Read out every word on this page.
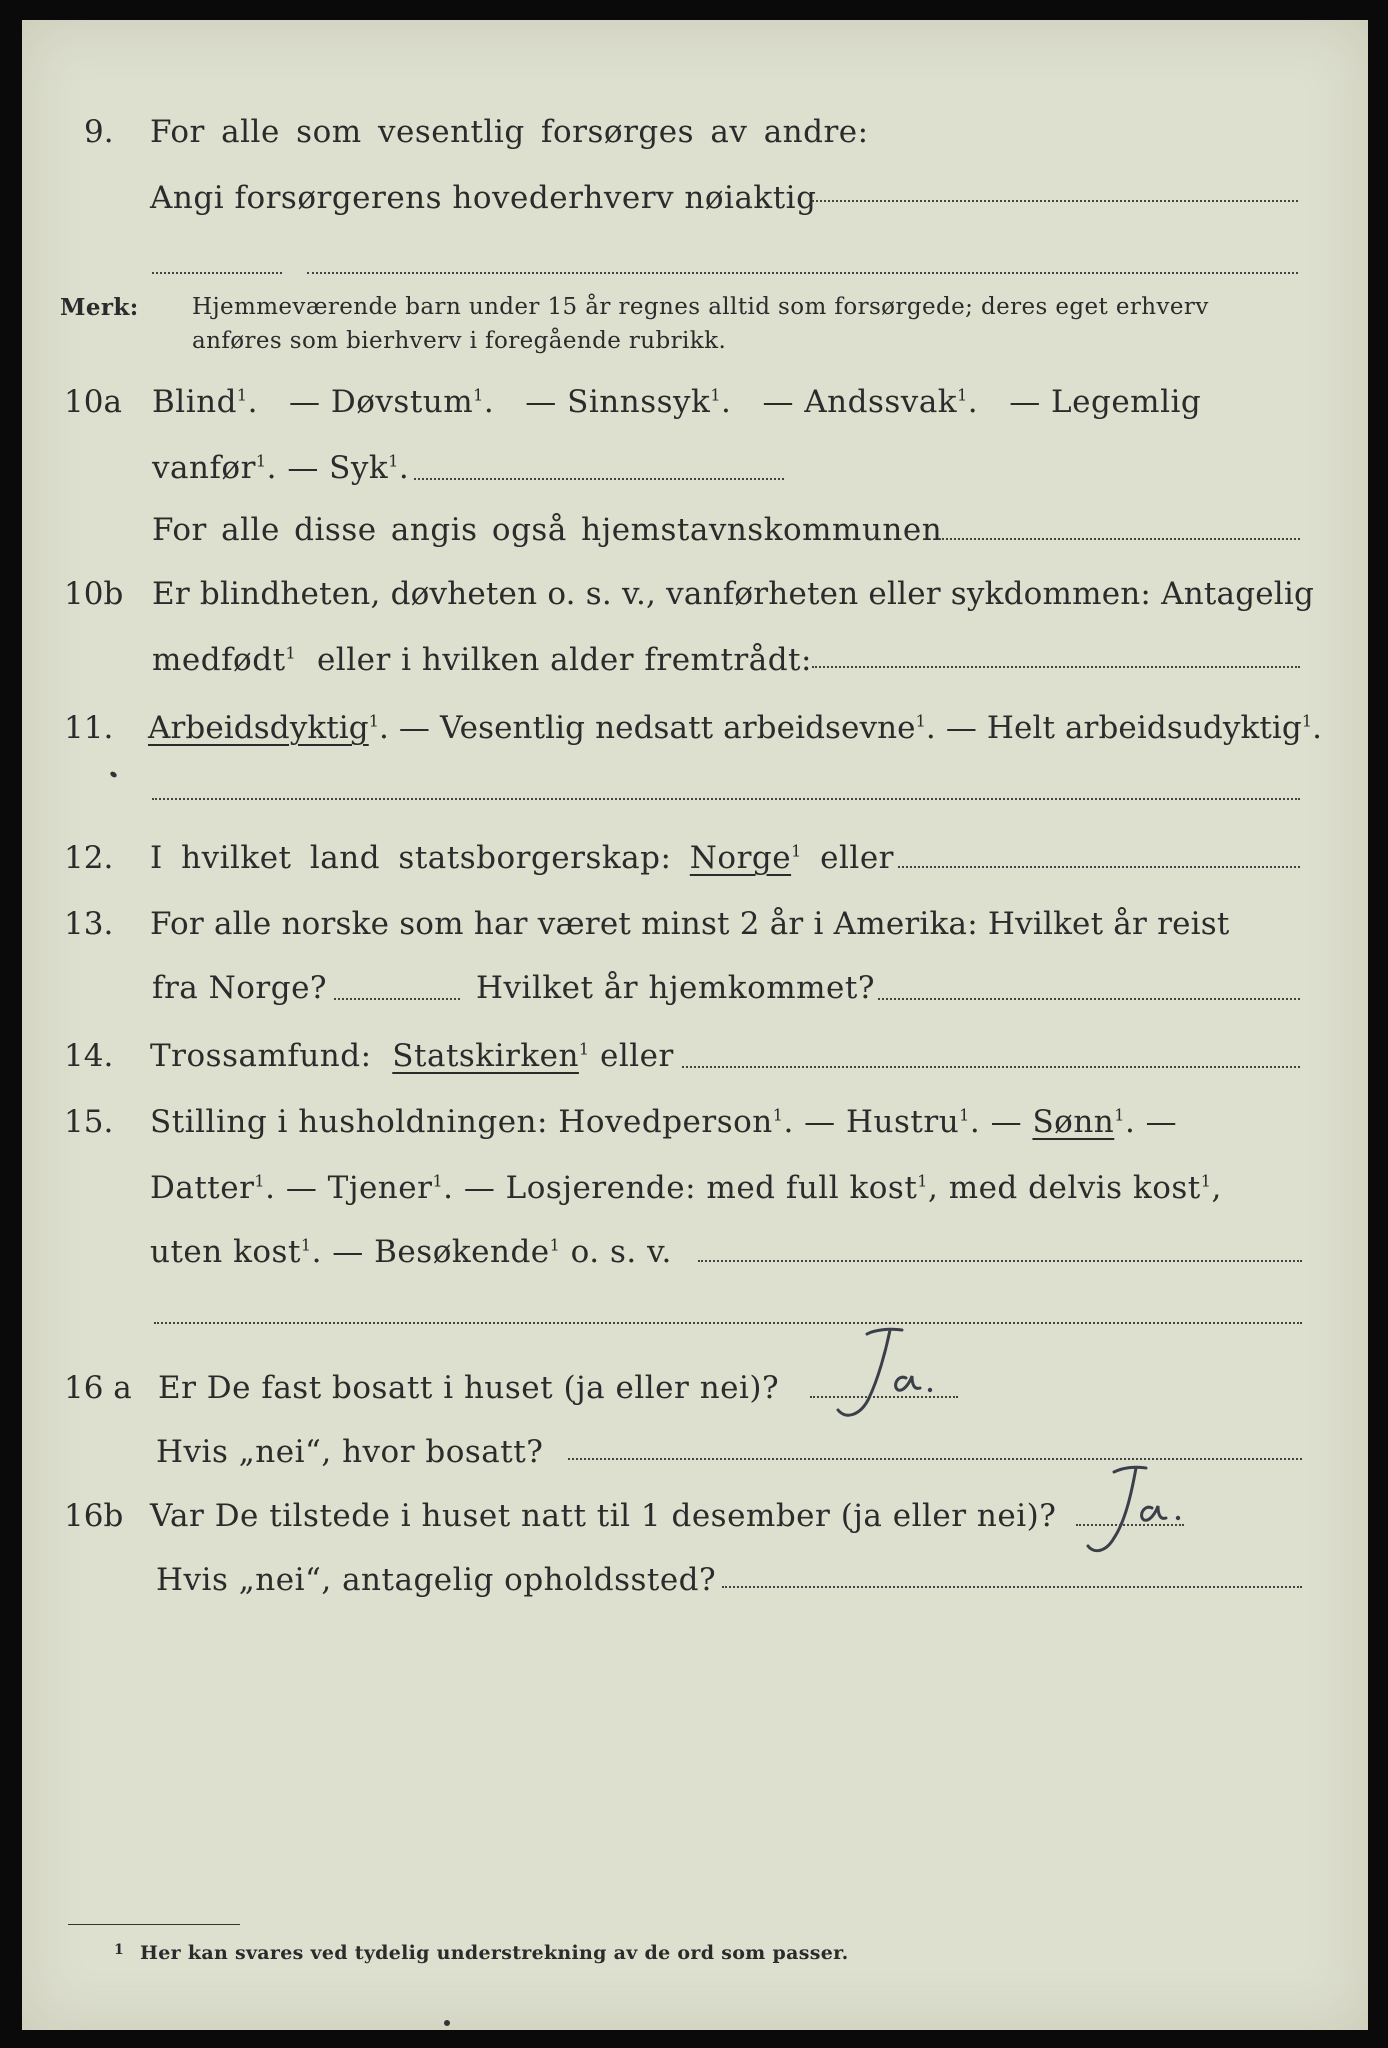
9. For alle som vesentlig forsørges av andre:
Angi forsørgerens hovederhverv nøiaktig
Merk: Hjemmeværende barn under 15 år regnes alltid som forsørgede; deres eget erhverv
anføres som bierhverv i foregående rubrikk.
10a Blind$^1$.   — Døvstum$^1$.   — Sinnssyk$^1$.   — Andssvak$^1$.   — Legemlig
vanfør$^1$. — Syk$^1$.
For alle disse angis også hjemstavnskommunen
10b Er blindheten, døvheten o. s. v., vanførheten eller sykdommen: Antagelig
medfødt$^1$ eller i hvilken alder fremtrådt:
11. Arbeidsdyktig$^1$. — Vesentlig nedsatt arbeidsevne$^1$. — Helt arbeidsudyktig$^1$.
12. I hvilket land statsborgerskap: Norge$^1$ eller
13. For alle norske som har været minst 2 år i Amerika: Hvilket år reist
fra Norge?	Hvilket år hjemkommet?
14. Trossamfund: Statskirken$^1$ eller
15. Stilling i husholdningen: Hovedperson$^1$. — Hustru$^1$. — Sønn$^1$. —
Datter$^1$. — Tjener$^1$. — Losjerende: med full kost$^1$, med delvis kost$^1$,
uten kost$^1$. — Besøkende$^1$ o. s. v.
16 a Er De fast bosatt i huset (ja eller nei)?
Hvis „nei“, hvor bosatt?
16b Var De tilstede i huset natt til 1 desember (ja eller nei)?
Hvis „nei“, antagelig opholdssted?
1 Her kan svares ved tydelig understrekning av de ord som passer.
